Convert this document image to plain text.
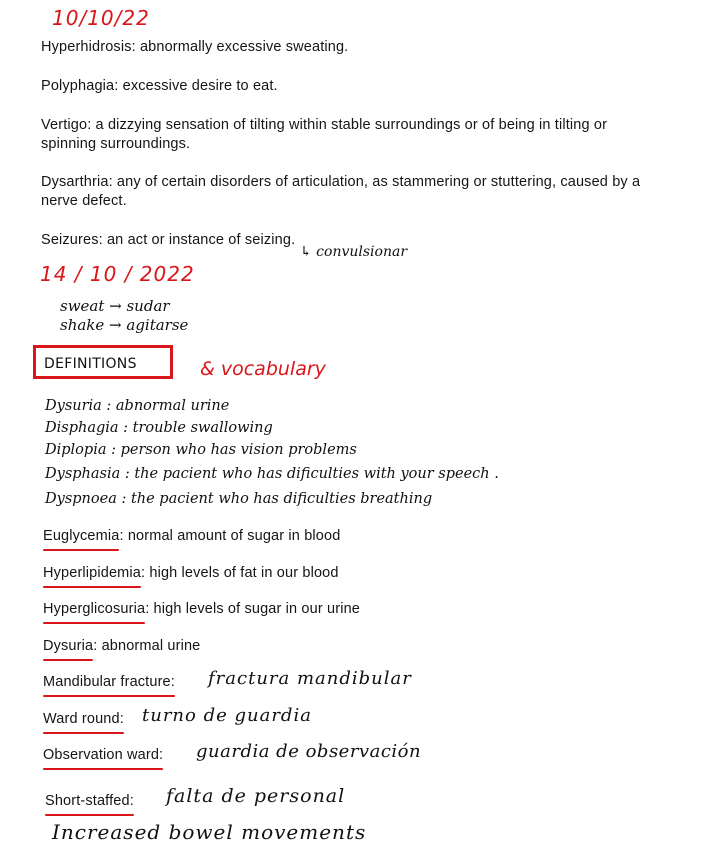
10/10/22
Hyperhidrosis: abnormally excessive sweating.
Polyphagia: excessive desire to eat.
Vertigo: a dizzying sensation of tilting within stable surroundings or of being in tilting or spinning surroundings.
Dysarthria: any of certain disorders of articulation, as stammering or stuttering, caused by a nerve defect.
Seizures: an act or instance of seizing.
↳ convulsionar
14 / 10 / 2022
sweat → sudar
shake → agitarse
DEFINITIONS	& vocabulary
Dysuria : abnormal urine
Disphagia : trouble swallowing
Diplopia : person who has vision problems
Dysphasia : the pacient who has dificulties with your speech .
Dyspnoea : the pacient who has dificulties breathing
Euglycemia: normal amount of sugar in blood
Hyperlipidemia: high levels of fat in our blood
Hyperglicosuria: high levels of sugar in our urine
Dysuria: abnormal urine
Mandibular fracture: fractura mandibular
Ward round: turno de guardia
Observation ward: guardia de observación
Short-staffed: falta de personal
Increased bowel movements
